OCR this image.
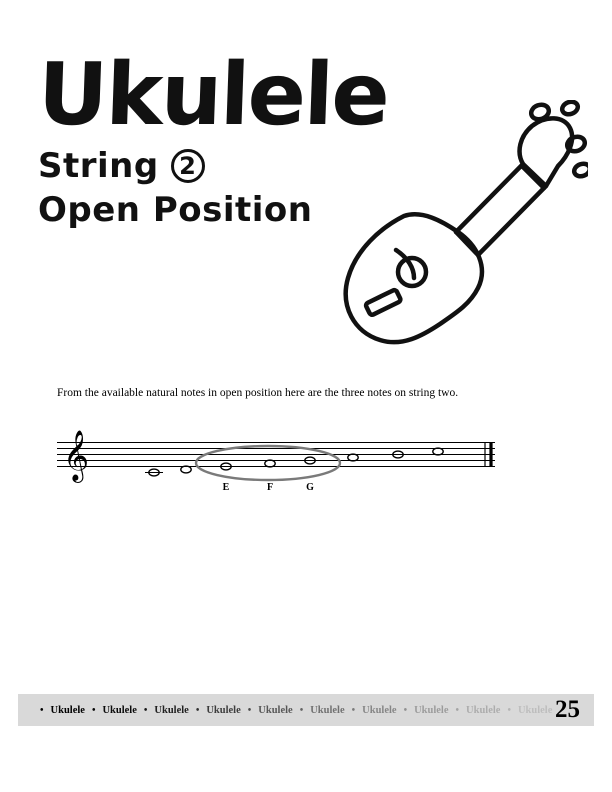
Ukulele
String 2
Open Position
From the available natural notes in open position here are the three notes on string two.
𝄞
E	F	G
• Ukulele • Ukulele • Ukulele • Ukulele • Ukulele • Ukulele • Ukulele • Ukulele • Ukulele • Ukulele 25
